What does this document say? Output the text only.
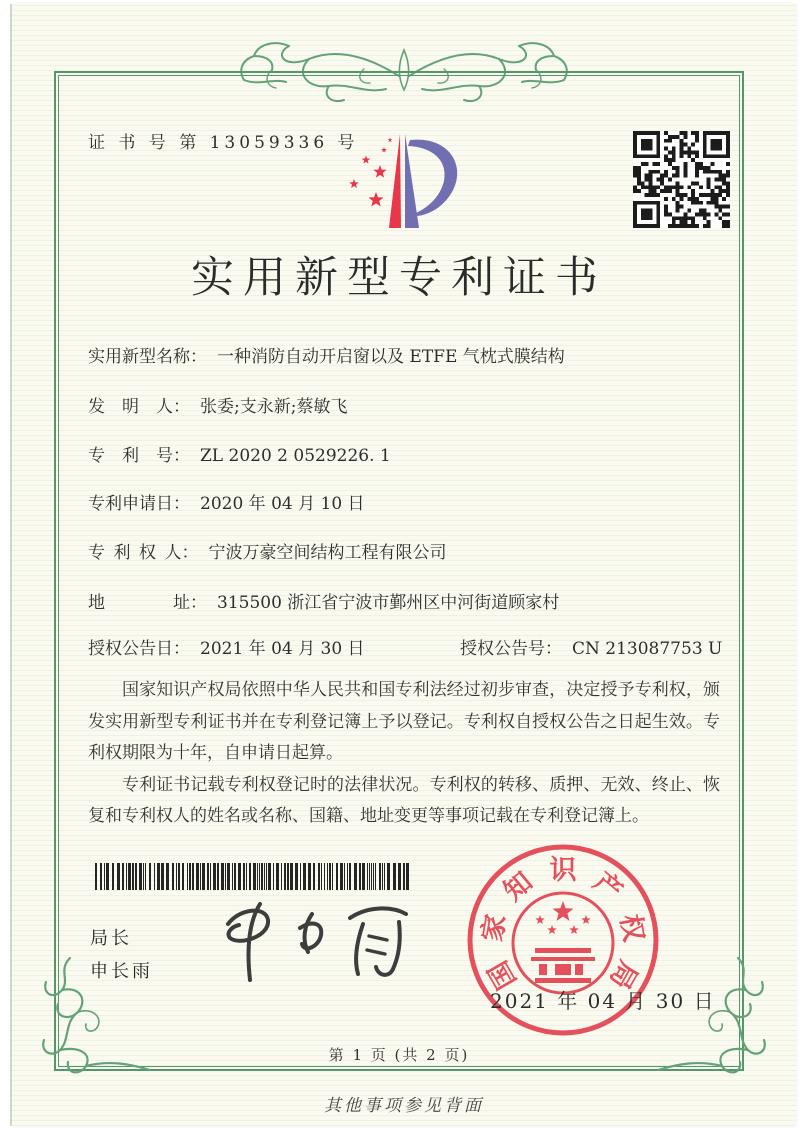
证 书 号 第 13059336 号
实用新型专利证书
实用新型名称： 一种消防自动开启窗以及 ETFE 气枕式膜结构
发　明　人： 张委;支永新;蔡敏飞
专　利　号： ZL 2020 2 0529226. 1
专利申请日： 2020 年 04 月 10 日
专 利 权 人： 宁波万豪空间结构工程有限公司
地　　　　址： 315500 浙江省宁波市鄞州区中河街道顾家村
授权公告日： 2021 年 04 月 30 日	授权公告号： CN 213087753 U

国家知识产权局依照中华人民共和国专利法经过初步审查，决定授予专利权，颁发实用新型专利证书并在专利登记簿上予以登记。专利权自授权公告之日起生效。专利权期限为十年，自申请日起算。

专利证书记载专利权登记时的法律状况。专利权的转移、质押、无效、终止、恢复和专利权人的姓名或名称、国籍、地址变更等事项记载在专利登记簿上。

局长
申长雨	国
家
知 识 产
权
局
2021 年 04 月 30 日
第 1 页 (共 2 页)
其他事项参见背面
